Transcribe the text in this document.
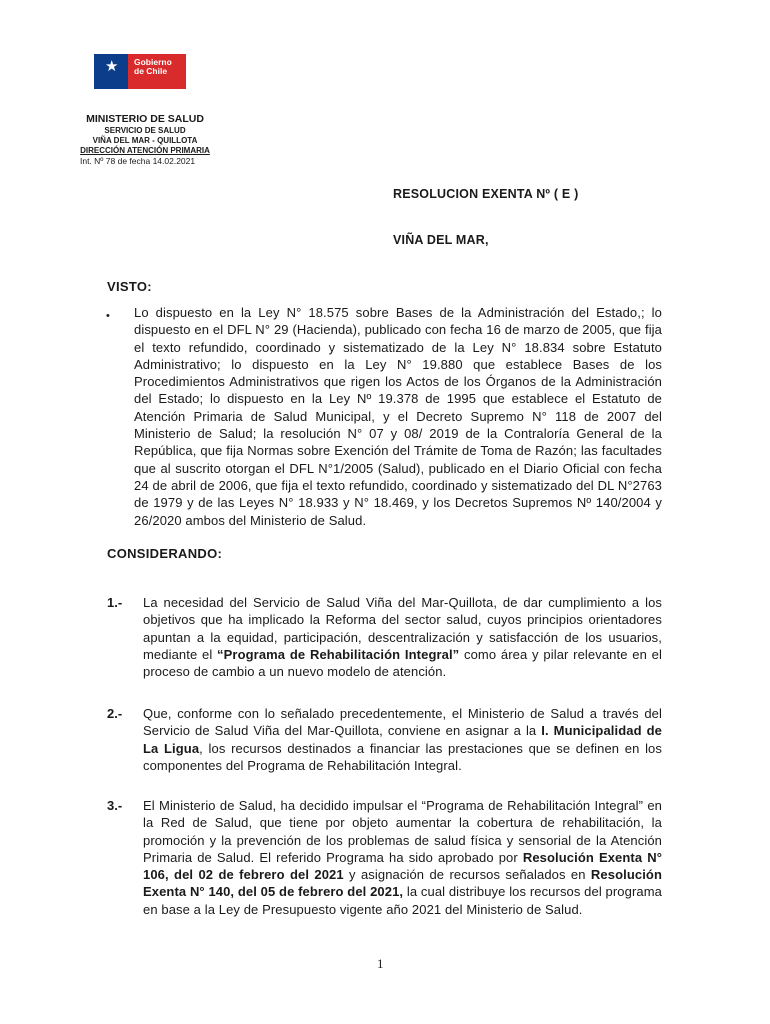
★ Gobierno
de Chile
MINISTERIO DE SALUD
SERVICIO DE SALUD
VIÑA DEL MAR - QUILLOTA
DIRECCIÓN ATENCIÓN PRIMARIA
Int. Nº 78 de fecha 14.02.2021
RESOLUCION EXENTA Nº ( E )
VIÑA DEL MAR,
VISTO:
• Lo dispuesto en la Ley N° 18.575 sobre Bases de la Administración del Estado,; lo dispuesto en el DFL N° 29 (Hacienda), publicado con fecha 16 de marzo de 2005, que fija el texto refundido, coordinado y sistematizado de la Ley N° 18.834 sobre Estatuto Administrativo; lo dispuesto en la Ley N° 19.880 que establece Bases de los Procedimientos Administrativos que rigen los Actos de los Órganos de la Administración del Estado; lo dispuesto en la Ley Nº 19.378 de 1995 que establece el Estatuto de Atención Primaria de Salud Municipal, y el Decreto Supremo N° 118 de 2007 del Ministerio de Salud; la resolución N° 07 y 08/ 2019 de la Contraloría General de la República, que fija Normas sobre Exención del Trámite de Toma de Razón; las facultades que al suscrito otorgan el DFL N°1/2005 (Salud), publicado en el Diario Oficial con fecha 24 de abril de 2006, que fija el texto refundido, coordinado y sistematizado del DL N°2763 de 1979 y de las Leyes N° 18.933 y N° 18.469, y los Decretos Supremos Nº 140/2004 y 26/2020 ambos del Ministerio de Salud.
CONSIDERANDO:
1.- La necesidad del Servicio de Salud Viña del Mar-Quillota, de dar cumplimiento a los objetivos que ha implicado la Reforma del sector salud, cuyos principios orientadores apuntan a la equidad, participación, descentralización y satisfacción de los usuarios, mediante el “Programa de Rehabilitación Integral” como área y pilar relevante en el proceso de cambio a un nuevo modelo de atención.
2.- Que, conforme con lo señalado precedentemente, el Ministerio de Salud a través del Servicio de Salud Viña del Mar-Quillota, conviene en asignar a la I. Municipalidad de La Ligua, los recursos destinados a financiar las prestaciones que se definen en los componentes del Programa de Rehabilitación Integral.
3.- El Ministerio de Salud, ha decidido impulsar el “Programa de Rehabilitación Integral” en la Red de Salud, que tiene por objeto aumentar la cobertura de rehabilitación, la promoción y la prevención de los problemas de salud física y sensorial de la Atención Primaria de Salud. El referido Programa ha sido aprobado por Resolución Exenta N° 106, del 02 de febrero del 2021 y asignación de recursos señalados en Resolución Exenta N° 140, del 05 de febrero del 2021, la cual distribuye los recursos del programa en base a la Ley de Presupuesto vigente año 2021 del Ministerio de Salud.
1
